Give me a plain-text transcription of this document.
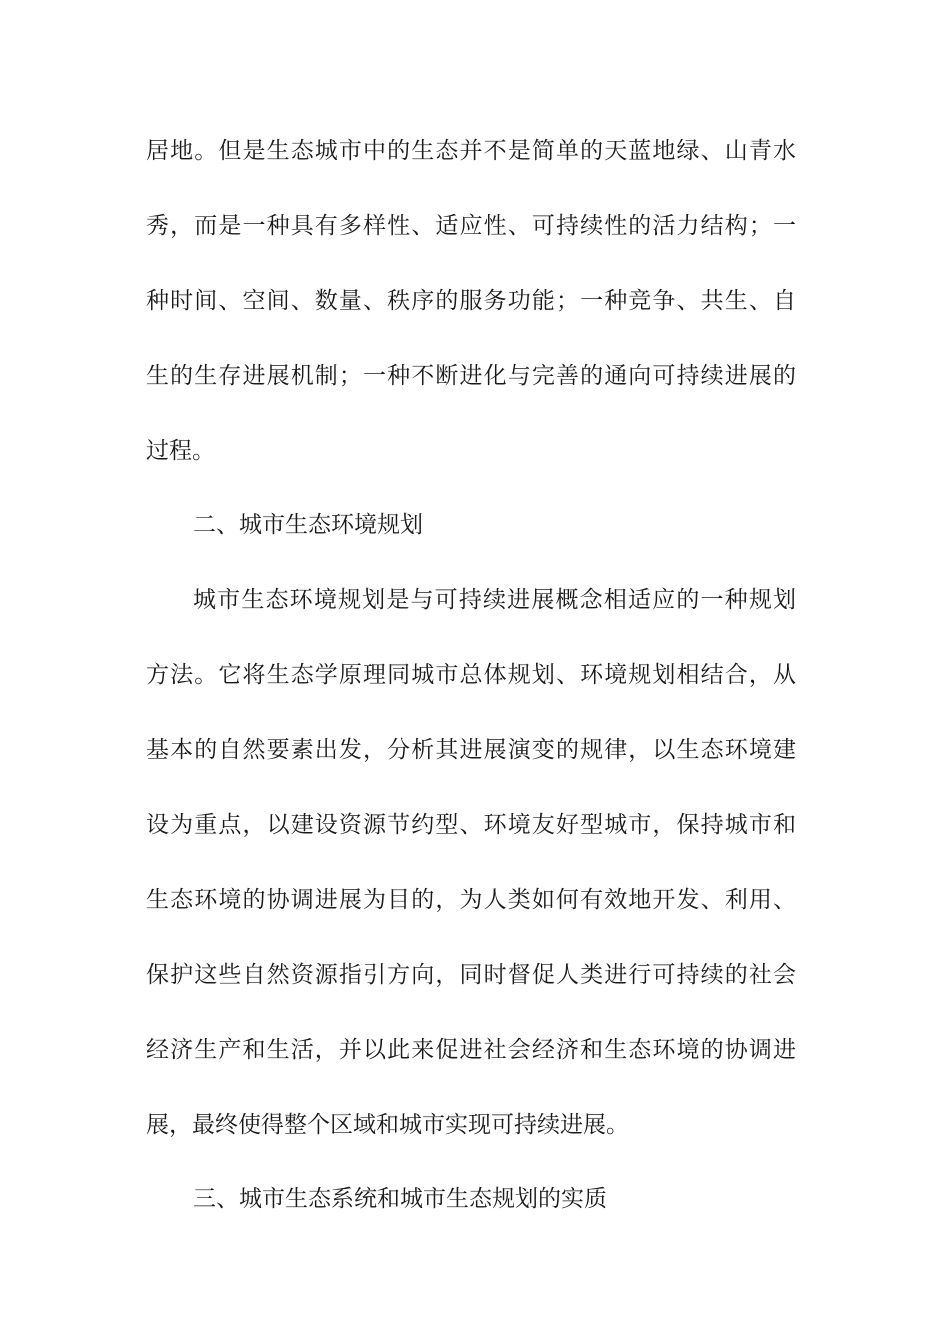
居地。但是生态城市中的生态并不是简单的天蓝地绿、山青水
秀，而是一种具有多样性、适应性、可持续性的活力结构；一
种时间、空间、数量、秩序的服务功能；一种竞争、共生、自
生的生存进展机制；一种不断进化与完善的通向可持续进展的
过程。
二、城市生态环境规划
城市生态环境规划是与可持续进展概念相适应的一种规划
方法。它将生态学原理同城市总体规划、环境规划相结合，从
基本的自然要素出发，分析其进展演变的规律，以生态环境建
设为重点，以建设资源节约型、环境友好型城市，保持城市和
生态环境的协调进展为目的，为人类如何有效地开发、利用、
保护这些自然资源指引方向，同时督促人类进行可持续的社会
经济生产和生活，并以此来促进社会经济和生态环境的协调进
展，最终使得整个区域和城市实现可持续进展。
三、城市生态系统和城市生态规划的实质
